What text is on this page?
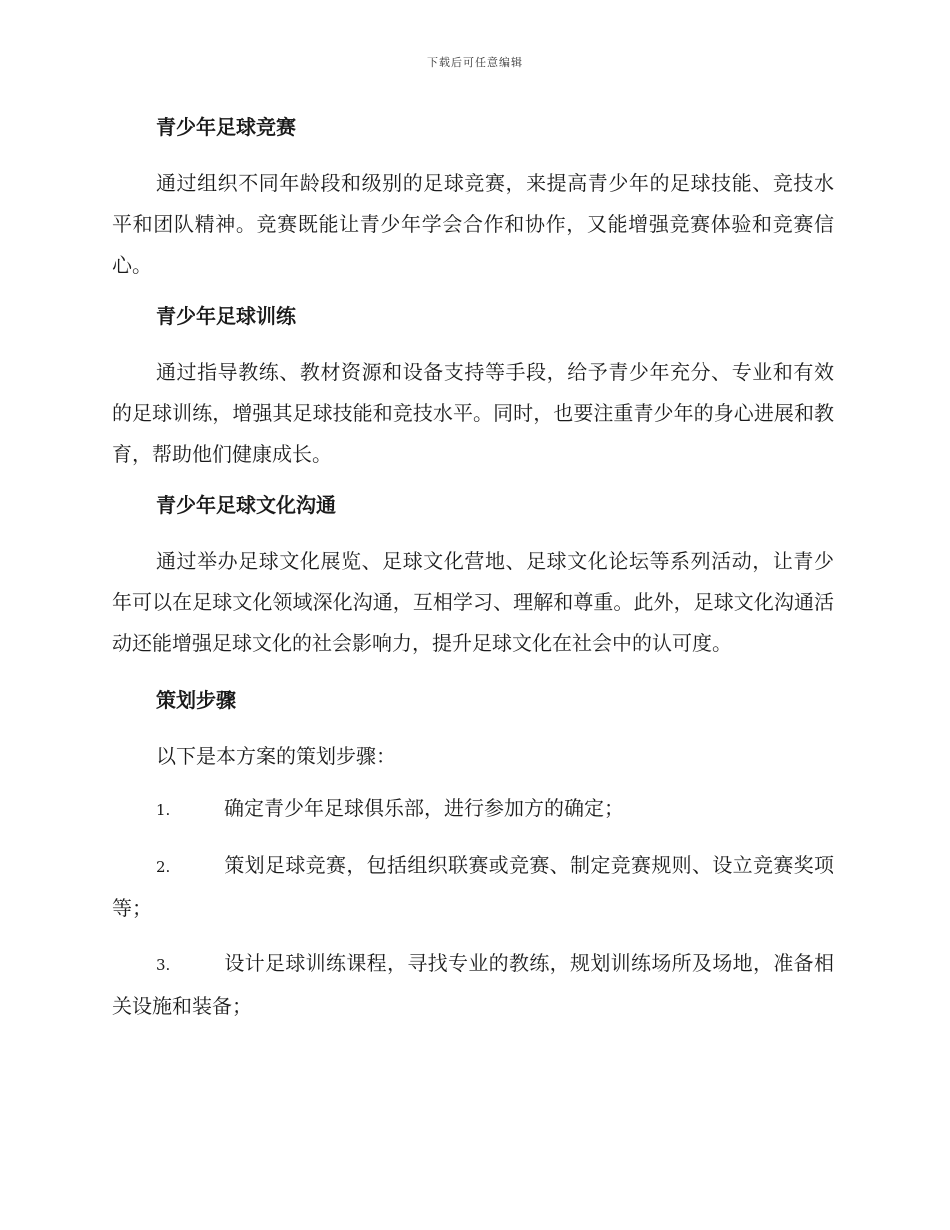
下载后可任意编辑
青少年足球竞赛
通过组织不同年龄段和级别的足球竞赛，来提高青少年的足球技能、竞技水平和团队精神。竞赛既能让青少年学会合作和协作，又能增强竞赛体验和竞赛信心。
青少年足球训练
通过指导教练、教材资源和设备支持等手段，给予青少年充分、专业和有效的足球训练，增强其足球技能和竞技水平。同时，也要注重青少年的身心进展和教育，帮助他们健康成长。
青少年足球文化沟通
通过举办足球文化展览、足球文化营地、足球文化论坛等系列活动，让青少年可以在足球文化领域深化沟通，互相学习、理解和尊重。此外，足球文化沟通活动还能增强足球文化的社会影响力，提升足球文化在社会中的认可度。
策划步骤
以下是本方案的策划步骤：
1.	确定青少年足球俱乐部，进行参加方的确定；
2.	策划足球竞赛，包括组织联赛或竞赛、制定竞赛规则、设立竞赛奖项等；
3.	设计足球训练课程，寻找专业的教练，规划训练场所及场地，准备相关设施和装备；
